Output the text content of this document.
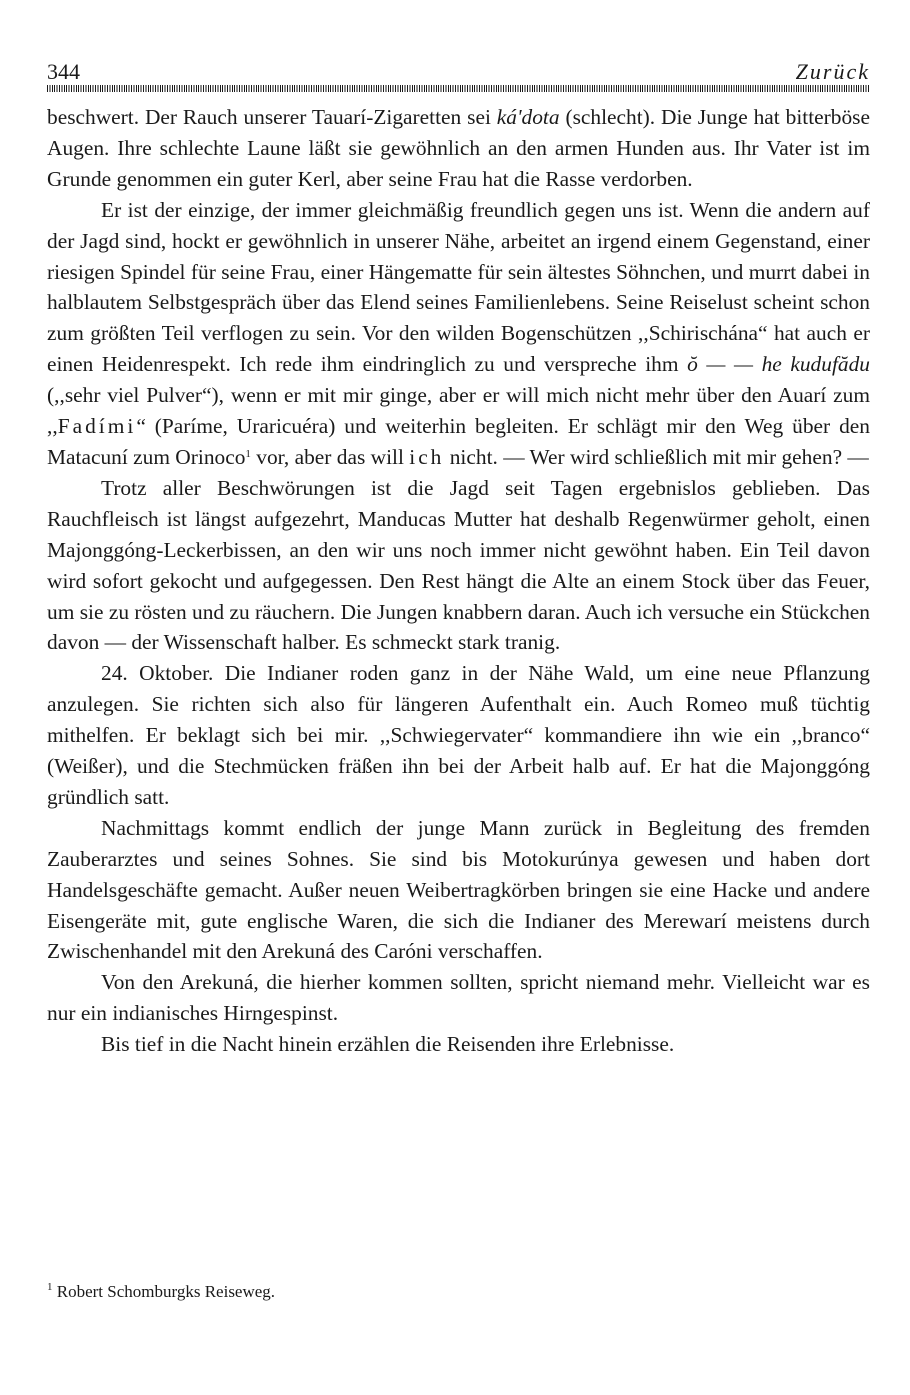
344	Zurück

beschwert. Der Rauch unserer Tauarí-Zigaretten sei ká'dota (schlecht). Die Junge hat bitterböse Augen. Ihre schlechte Laune läßt sie gewöhnlich an den armen Hunden aus. Ihr Vater ist im Grunde genommen ein guter Kerl, aber seine Frau hat die Rasse verdorben.

Er ist der einzige, der immer gleichmäßig freundlich gegen uns ist. Wenn die andern auf der Jagd sind, hockt er gewöhnlich in unserer Nähe, arbeitet an irgend einem Gegenstand, einer riesigen Spindel für seine Frau, einer Hängematte für sein ältestes Söhnchen, und murrt dabei in halblautem Selbstgespräch über das Elend seines Familienlebens. Seine Reiselust scheint schon zum größten Teil verflogen zu sein. Vor den wilden Bogenschützen ,,Schirischána“ hat auch er einen Heidenrespekt. Ich rede ihm eindringlich zu und verspreche ihm ŏ — — he kudufădu (,,sehr viel Pulver“), wenn er mit mir ginge, aber er will mich nicht mehr über den Auarí zum ,,Fadími“ (Paríme, Uraricuéra) und weiterhin begleiten. Er schlägt mir den Weg über den Matacuní zum Orinoco$^1$ vor, aber das will ich nicht. — Wer wird schließlich mit mir gehen? —

Trotz aller Beschwörungen ist die Jagd seit Tagen ergebnislos geblieben. Das Rauchfleisch ist längst aufgezehrt, Manducas Mutter hat deshalb Regenwürmer geholt, einen Majonggóng-Leckerbissen, an den wir uns noch immer nicht gewöhnt haben. Ein Teil davon wird sofort gekocht und aufgegessen. Den Rest hängt die Alte an einem Stock über das Feuer, um sie zu rösten und zu räuchern. Die Jungen knabbern daran. Auch ich versuche ein Stückchen davon — der Wissenschaft halber. Es schmeckt stark tranig.

24. Oktober. Die Indianer roden ganz in der Nähe Wald, um eine neue Pflanzung anzulegen. Sie richten sich also für längeren Aufenthalt ein. Auch Romeo muß tüchtig mithelfen. Er beklagt sich bei mir. ,,Schwiegervater“ kommandiere ihn wie ein ,,branco“ (Weißer), und die Stechmücken fräßen ihn bei der Arbeit halb auf. Er hat die Majonggóng gründlich satt.

Nachmittags kommt endlich der junge Mann zurück in Begleitung des fremden Zauberarztes und seines Sohnes. Sie sind bis Motokurúnya gewesen und haben dort Handelsgeschäfte gemacht. Außer neuen Weibertragkörben bringen sie eine Hacke und andere Eisengeräte mit, gute englische Waren, die sich die Indianer des Merewarí meistens durch Zwischenhandel mit den Arekuná des Caróni verschaffen.

Von den Arekuná, die hierher kommen sollten, spricht niemand mehr. Vielleicht war es nur ein indianisches Hirngespinst.

Bis tief in die Nacht hinein erzählen die Reisenden ihre Erlebnisse.

$^1$ Robert Schomburgks Reiseweg.
